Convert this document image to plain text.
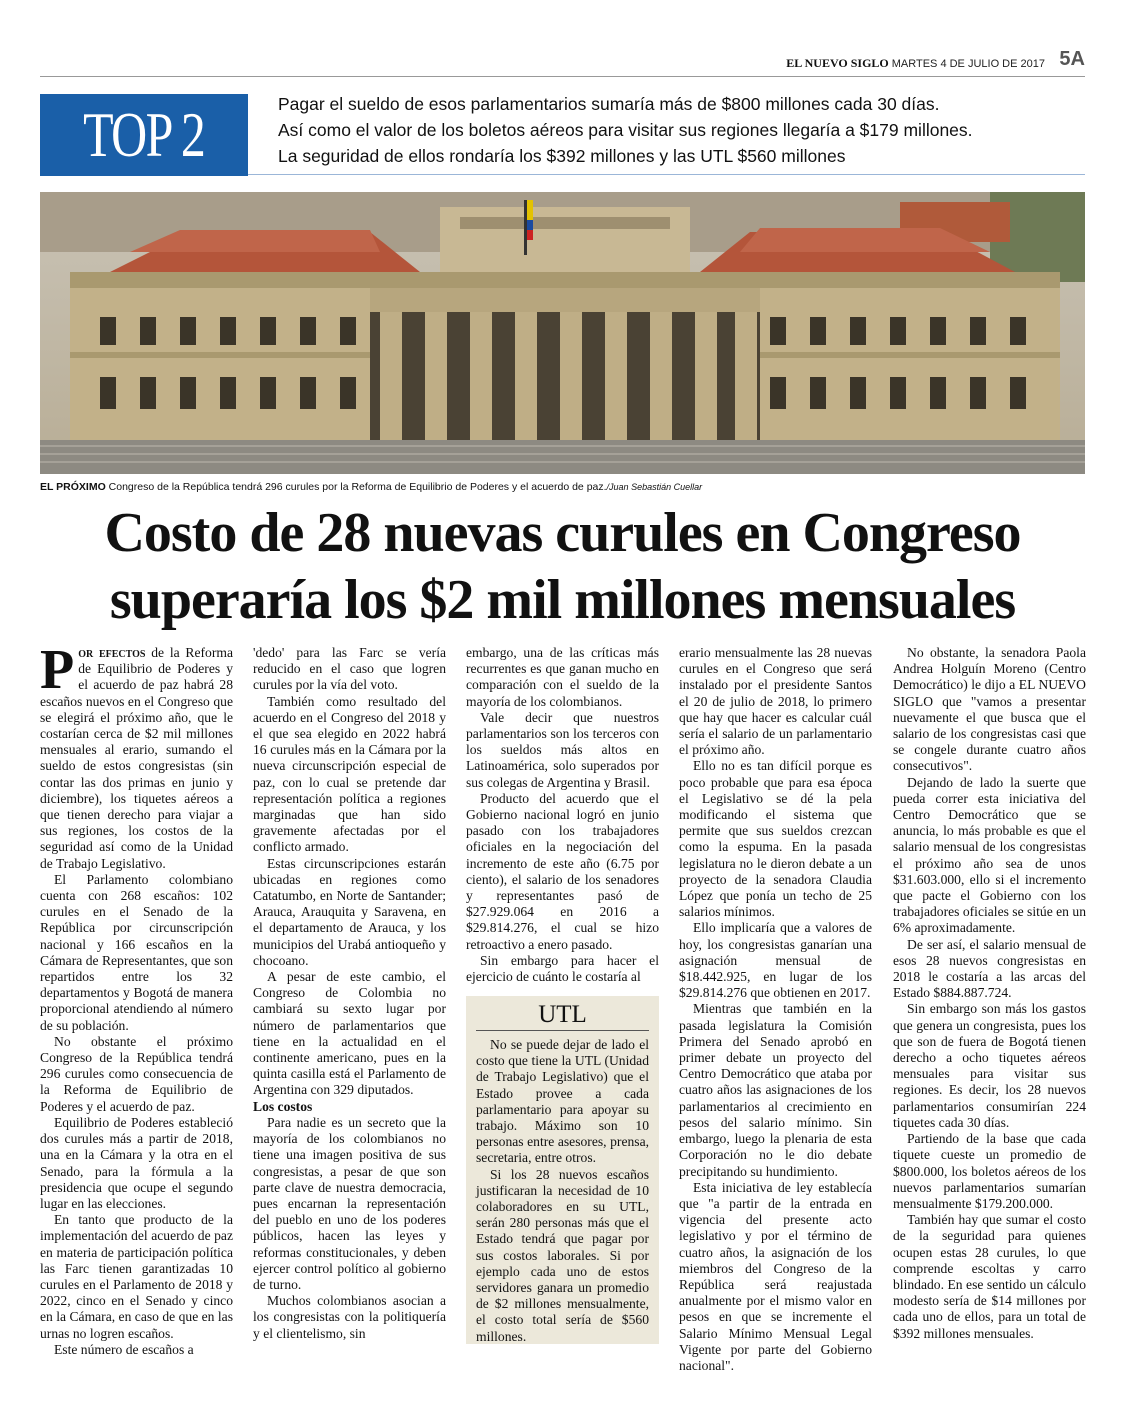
EL NUEVO SIGLO MARTES 4 DE JULIO DE 2017 5A
TOP 2	Pagar el sueldo de esos parlamentarios sumaría más de $800 millones cada 30 días.
Así como el valor de los boletos aéreos para visitar sus regiones llegaría a $179 millones.
La seguridad de ellos rondaría los $392 millones y las UTL $560 millones
EL PRÓXIMO Congreso de la República tendrá 296 curules por la Reforma de Equilibrio de Poderes y el acuerdo de paz./Juan Sebastián Cuellar
Costo de 28 nuevas curules en Congreso
superaría los $2 mil millones mensuales

Por efectos de la Reforma de Equilibrio de Poderes y el acuerdo de paz habrá 28 escaños nuevos en el Congreso que se elegirá el próximo año, que le costarían cerca de $2 mil millones mensuales al erario, sumando el sueldo de estos congresistas (sin contar las dos primas en junio y diciembre), los tiquetes aéreos a que tienen derecho para viajar a sus regiones, los costos de la seguridad así como de la Unidad de Trabajo Legislativo.

El Parlamento colombiano cuenta con 268 escaños: 102 curules en el Senado de la República por circunscripción nacional y 166 escaños en la Cámara de Representantes, que son repartidos entre los 32 departamentos y Bogotá de manera proporcional atendiendo al número de su población.

No obstante el próximo Congreso de la República tendrá 296 curules como consecuencia de la Reforma de Equilibrio de Poderes y el acuerdo de paz.

Equilibrio de Poderes estableció dos curules más a partir de 2018, una en la Cámara y la otra en el Senado, para la fórmula a la presidencia que ocupe el segundo lugar en las elecciones.

En tanto que producto de la implementación del acuerdo de paz en materia de participación política las Farc tienen garantizadas 10 curules en el Parlamento de 2018 y 2022, cinco en el Senado y cinco en la Cámara, en caso de que en las urnas no logren escaños.

Este número de escaños a

'dedo' para las Farc se vería reducido en el caso que logren curules por la vía del voto.

También como resultado del acuerdo en el Congreso del 2018 y el que sea elegido en 2022 habrá 16 curules más en la Cámara por la nueva circunscripción especial de paz, con lo cual se pretende dar representación política a regiones marginadas que han sido gravemente afectadas por el conflicto armado.

Estas circunscripciones estarán ubicadas en regiones como Catatumbo, en Norte de Santander; Arauca, Arauquita y Saravena, en el departamento de Arauca, y los municipios del Urabá antioqueño y chocoano.

A pesar de este cambio, el Congreso de Colombia no cambiará su sexto lugar por número de parlamentarios que tiene en la actualidad en el continente americano, pues en la quinta casilla está el Parlamento de Argentina con 329 diputados.

Los costos

Para nadie es un secreto que la mayoría de los colombianos no tiene una imagen positiva de sus congresistas, a pesar de que son parte clave de nuestra democracia, pues encarnan la representación del pueblo en uno de los poderes públicos, hacen las leyes y reformas constitucionales, y deben ejercer control político al gobierno de turno.

Muchos colombianos asocian a los congresistas con la politiquería y el clientelismo, sin

embargo, una de las críticas más recurrentes es que ganan mucho en comparación con el sueldo de la mayoría de los colombianos.

Vale decir que nuestros parlamentarios son los terceros con los sueldos más altos en Latinoamérica, solo superados por sus colegas de Argentina y Brasil.

Producto del acuerdo que el Gobierno nacional logró en junio pasado con los trabajadores oficiales en la negociación del incremento de este año (6.75 por ciento), el salario de los senadores y representantes pasó de $27.929.064 en 2016 a $29.814.276, el cual se hizo retroactivo a enero pasado.

Sin embargo para hacer el ejercicio de cuánto le costaría al

UTL

No se puede dejar de lado el costo que tiene la UTL (Unidad de Trabajo Legislativo) que el Estado provee a cada parlamentario para apoyar su trabajo. Máximo son 10 personas entre asesores, prensa, secretaria, entre otros.

Si los 28 nuevos escaños justificaran la necesidad de 10 colaboradores en su UTL, serán 280 personas más que el Estado tendrá que pagar por sus costos laborales. Si por ejemplo cada uno de estos servidores ganara un promedio de $2 millones mensualmente, el costo total sería de $560 millones.

erario mensualmente las 28 nuevas curules en el Congreso que será instalado por el presidente Santos el 20 de julio de 2018, lo primero que hay que hacer es calcular cuál sería el salario de un parlamentario el próximo año.

Ello no es tan difícil porque es poco probable que para esa época el Legislativo se dé la pela modificando el sistema que permite que sus sueldos crezcan como la espuma. En la pasada legislatura no le dieron debate a un proyecto de la senadora Claudia López que ponía un techo de 25 salarios mínimos.

Ello implicaría que a valores de hoy, los congresistas ganarían una asignación mensual de $18.442.925, en lugar de los $29.814.276 que obtienen en 2017.

Mientras que también en la pasada legislatura la Comisión Primera del Senado aprobó en primer debate un proyecto del Centro Democrático que ataba por cuatro años las asignaciones de los parlamentarios al crecimiento en pesos del salario mínimo. Sin embargo, luego la plenaria de esta Corporación no le dio debate precipitando su hundimiento.

Esta iniciativa de ley establecía que "a partir de la entrada en vigencia del presente acto legislativo y por el término de cuatro años, la asignación de los miembros del Congreso de la República será reajustada anualmente por el mismo valor en pesos en que se incremente el Salario Mínimo Mensual Legal Vigente por parte del Gobierno nacional".

No obstante, la senadora Paola Andrea Holguín Moreno (Centro Democrático) le dijo a EL NUEVO SIGLO que "vamos a presentar nuevamente el que busca que el salario de los congresistas casi que se congele durante cuatro años consecutivos".

Dejando de lado la suerte que pueda correr esta iniciativa del Centro Democrático que se anuncia, lo más probable es que el salario mensual de los congresistas el próximo año sea de unos $31.603.000, ello si el incremento que pacte el Gobierno con los trabajadores oficiales se sitúe en un 6% aproximadamente.

De ser así, el salario mensual de esos 28 nuevos congresistas en 2018 le costaría a las arcas del Estado $884.887.724.

Sin embargo son más los gastos que genera un congresista, pues los que son de fuera de Bogotá tienen derecho a ocho tiquetes aéreos mensuales para visitar sus regiones. Es decir, los 28 nuevos parlamentarios consumirían 224 tiquetes cada 30 días.

Partiendo de la base que cada tiquete cueste un promedio de $800.000, los boletos aéreos de los nuevos parlamentarios sumarían mensualmente $179.200.000.

También hay que sumar el costo de la seguridad para quienes ocupen estas 28 curules, lo que comprende escoltas y carro blindado. En ese sentido un cálculo modesto sería de $14 millones por cada uno de ellos, para un total de $392 millones mensuales.
